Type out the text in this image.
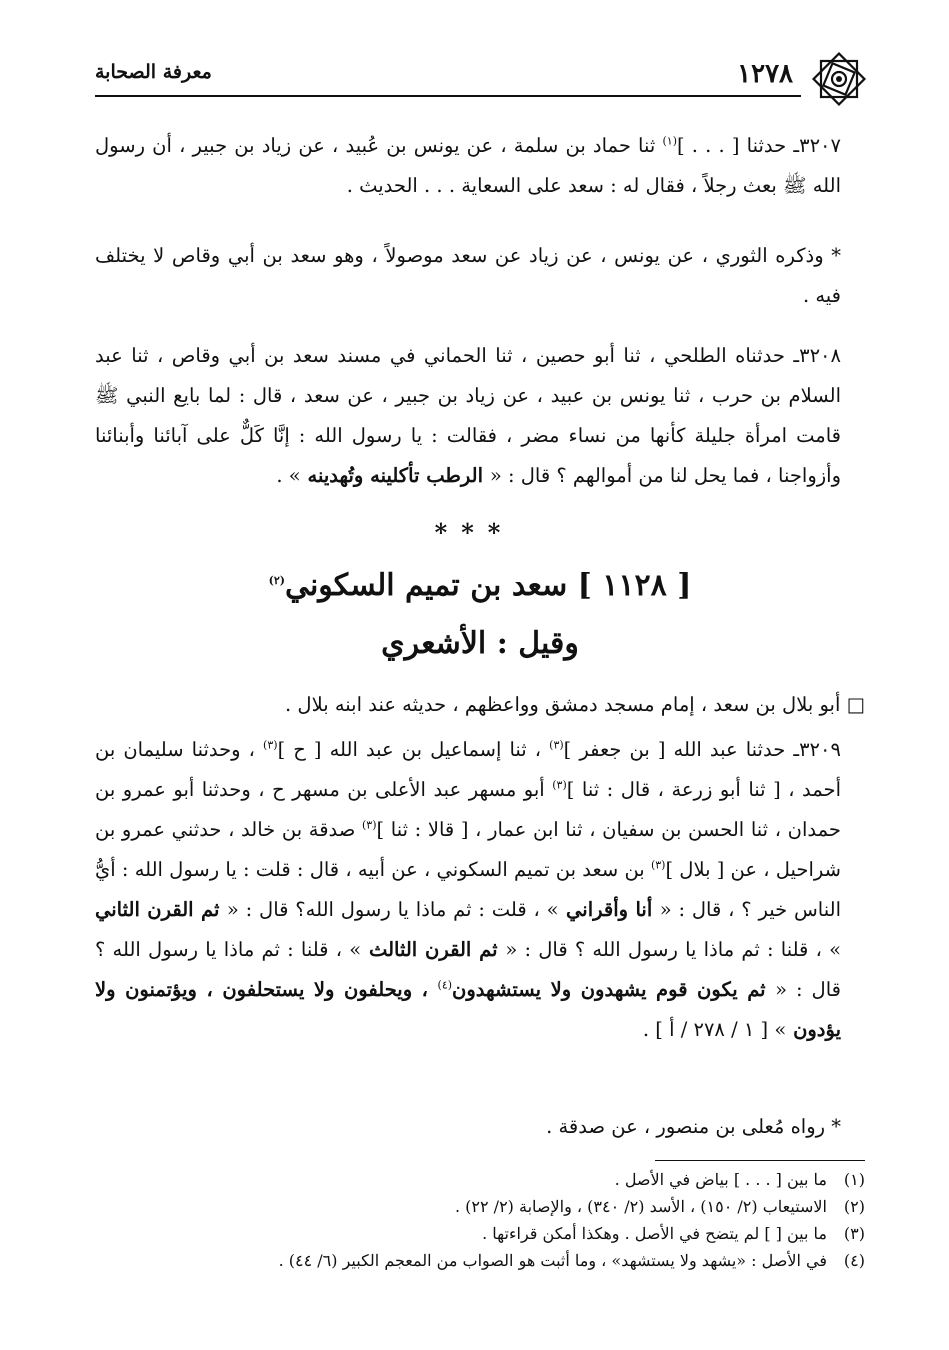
١٢٧٨
معرفة الصحابة

٣٢٠٧ـ حدثنا [ . . . ]$^{(١)}$ ثنا حماد بن سلمة ، عن يونس بن عُبيد ، عن زياد بن جبير ، أن رسول الله ﷺ بعث رجلاً ، فقال له : سعد على السعاية . . . الحديث .

* وذكره الثوري ، عن يونس ، عن زياد عن سعد موصولاً ، وهو سعد بن أبي وقاص لا يختلف فيه .

٣٢٠٨ـ حدثناه الطلحي ، ثنا أبو حصين ، ثنا الحماني في مسند سعد بن أبي وقاص ، ثنا عبد السلام بن حرب ، ثنا يونس بن عبيد ، عن زياد بن جبير ، عن سعد ، قال : لما بايع النبي ﷺ قامت امرأة جليلة كأنها من نساء مضر ، فقالت : يا رسول الله : إنَّا كَلٌّ على آبائنا وأبنائنا وأزواجنا ، فما يحل لنا من أموالهم ؟ قال : « الرطب تأكلينه وتُهدينه » .

***
[ ١١٢٨ ] سعد بن تميم السكوني$^{(٢)}$
وقيل : الأشعري

□ أبو بلال بن سعد ، إمام مسجد دمشق وواعظهم ، حديثه عند ابنه بلال .

٣٢٠٩ـ حدثنا عبد الله [ بن جعفر ]$^{(٣)}$ ، ثنا إسماعيل بن عبد الله [ ح ]$^{(٣)}$ ، وحدثنا سليمان بن أحمد ، [ ثنا أبو زرعة ، قال : ثنا ]$^{(٣)}$ أبو مسهر عبد الأعلى بن مسهر ح ، وحدثنا أبو عمرو بن حمدان ، ثنا الحسن بن سفيان ، ثنا ابن عمار ، [ قالا : ثنا ]$^{(٣)}$ صدقة بن خالد ، حدثني عمرو بن شراحيل ، عن [ بلال ]$^{(٣)}$ بن سعد بن تميم السكوني ، عن أبيه ، قال : قلت : يا رسول الله : أيُّ الناس خير ؟ ، قال : « أنا وأقراني » ، قلت : ثم ماذا يا رسول الله؟ قال : « ثم القرن الثاني » ، قلنا : ثم ماذا يا رسول الله ؟ قال : « ثم القرن الثالث » ، قلنا : ثم ماذا يا رسول الله ؟ قال : « ثم يكون قوم يشهدون ولا يستشهدون$^{(٤)}$ ، ويحلفون ولا يستحلفون ، ويؤتمنون ولا يؤدون » [ ١ / ٢٧٨ / أ ] .

* رواه مُعلى بن منصور ، عن صدقة .

(١)ما بين [ . . . ] بياض في الأصل .

(٢)الاستيعاب (٢/ ١٥٠) ، الأسد (٢/ ٣٤٠) ، والإصابة (٢/ ٢٢) .

(٣)ما بين [ ] لم يتضح في الأصل . وهكذا أمكن قراءتها .

(٤)في الأصل : «يشهد ولا يستشهد» ، وما أثبت هو الصواب من المعجم الكبير (٦/ ٤٤) .
